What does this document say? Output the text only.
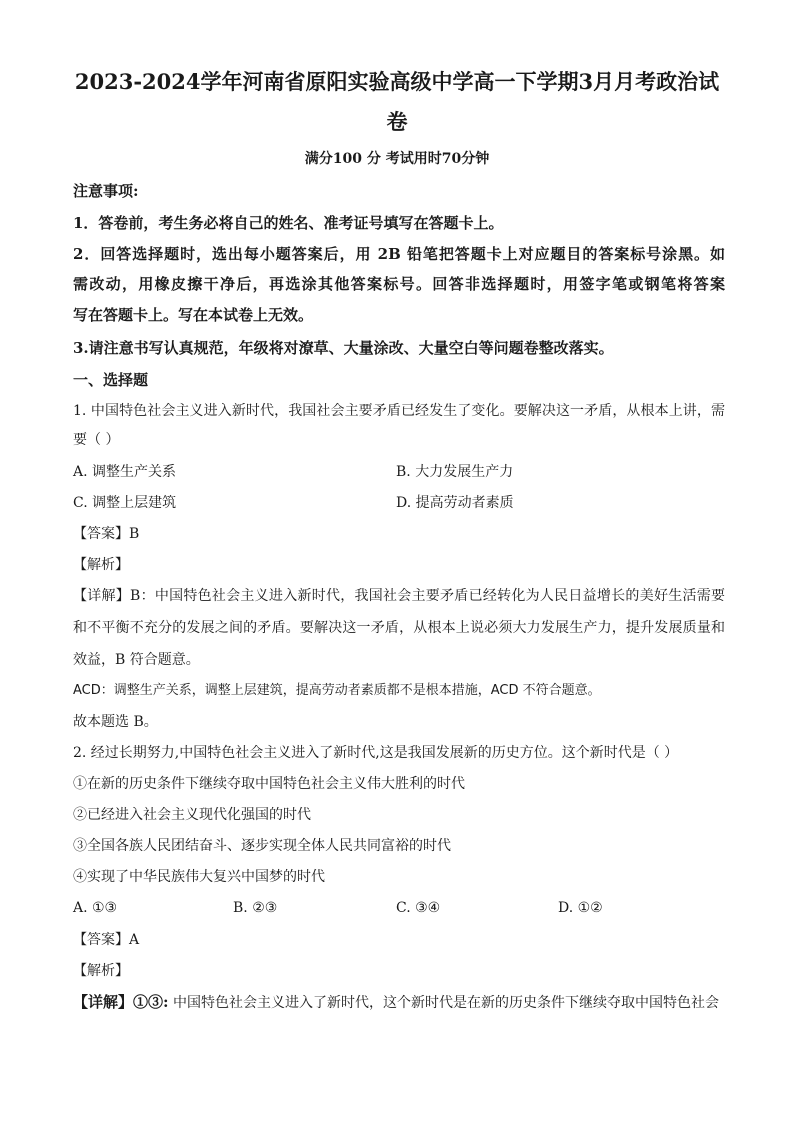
2023-2024学年河南省原阳实验高级中学高一下学期3月月考政治试
卷
满分100 分 考试用时70分钟
注意事项:
1．答卷前，考生务必将自己的姓名、准考证号填写在答题卡上。
2．回答选择题时，选出每小题答案后，用 2B 铅笔把答题卡上对应题目的答案标号涂黑。如
需改动，用橡皮擦干净后，再选涂其他答案标号。回答非选择题时，用签字笔或钢笔将答案
写在答题卡上。写在本试卷上无效。
3.请注意书写认真规范，年级将对潦草、大量涂改、大量空白等问题卷整改落实。
一、选择题
1. 中国特色社会主义进入新时代，我国社会主要矛盾已经发生了变化。要解决这一矛盾，从根本上讲，需
要（ ）
A. 调整生产关系	B. 大力发展生产力
C. 调整上层建筑	D. 提高劳动者素质
【答案】B
【解析】
【详解】B：中国特色社会主义进入新时代，我国社会主要矛盾已经转化为人民日益增长的美好生活需要
和不平衡不充分的发展之间的矛盾。要解决这一矛盾，从根本上说必须大力发展生产力，提升发展质量和
效益，B 符合题意。
ACD：调整生产关系，调整上层建筑，提高劳动者素质都不是根本措施，ACD 不符合题意。
故本题选 B。
2. 经过长期努力,中国特色社会主义进入了新时代,这是我国发展新的历史方位。这个新时代是（ ）
①在新的历史条件下继续夺取中国特色社会主义伟大胜利的时代
②已经进入社会主义现代化强国的时代
③全国各族人民团结奋斗、逐步实现全体人民共同富裕的时代
④实现了中华民族伟大复兴中国梦的时代
A. ①③	B. ②③	C. ③④	D. ①②
【答案】A
【解析】
【详解】①③: 中国特色社会主义进入了新时代，这个新时代是在新的历史条件下继续夺取中国特色社会
